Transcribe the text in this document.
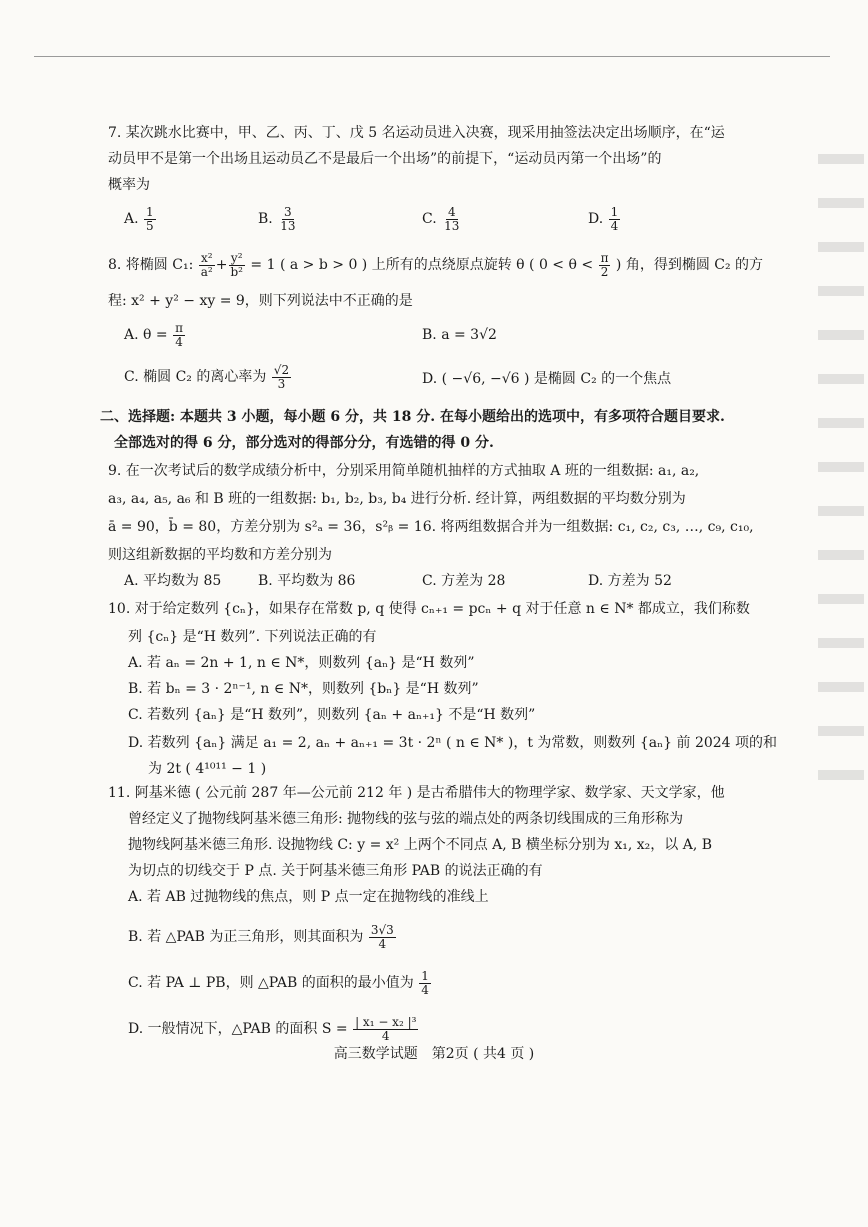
7. 某次跳水比赛中，甲、乙、丙、丁、戊 5 名运动员进入决赛，现采用抽签法决定出场顺序，在“运
动员甲不是第一个出场且运动员乙不是最后一个出场”的前提下，“运动员丙第一个出场”的
概率为
A. $\frac{1}{5}$	B. $\frac{3}{13}$	C. $\frac{4}{13}$	D. $\frac{1}{4}$
8. 将椭圆 C₁: $\frac{\text{x²}}{\text{a²}} + \frac{\text{y²}}{\text{b²}} = 1$ ( a > b > 0 ) 上所有的点绕原点旋转 θ ( $0 < \theta < \frac{\pi}{2}$ ) 角，得到椭圆 C₂ 的方
程: x² + y² − xy = 9，则下列说法中不正确的是
A. $\theta = \frac{\pi}{4}$	B. a = 3√2
C. 椭圆 C₂ 的离心率为 $\frac{√2}{3}$	D. ( −√6, −√6 ) 是椭圆 C₂ 的一个焦点
二、选择题: 本题共 3 小题，每小题 6 分，共 18 分. 在每小题给出的选项中，有多项符合题目要求.
全部选对的得 6 分，部分选对的得部分分，有选错的得 0 分.
9. 在一次考试后的数学成绩分析中，分别采用简单随机抽样的方式抽取 A 班的一组数据: a₁, a₂,
a₃, a₄, a₅, a₆ 和 B 班的一组数据: b₁, b₂, b₃, b₄ 进行分析. 经计算，两组数据的平均数分别为
ā = 90，b̄ = 80，方差分别为 s²ₐ = 36，s²ᵦ = 16. 将两组数据合并为一组数据: c₁, c₂, c₃, …, c₉, c₁₀,
则这组新数据的平均数和方差分别为
A. 平均数为 85	B. 平均数为 86	C. 方差为 28	D. 方差为 52
10. 对于给定数列 {cₙ}，如果存在常数 p, q 使得 cₙ₊₁ = pcₙ + q 对于任意 n ∈ N* 都成立，我们称数
列 {cₙ} 是“H 数列”. 下列说法正确的有
A. 若 aₙ = 2n + 1, n ∈ N*，则数列 {aₙ} 是“H 数列”
B. 若 bₙ = 3 · 2ⁿ⁻¹, n ∈ N*，则数列 {bₙ} 是“H 数列”
C. 若数列 {aₙ} 是“H 数列”，则数列 {aₙ + aₙ₊₁} 不是“H 数列”
D. 若数列 {aₙ} 满足 a₁ = 2, aₙ + aₙ₊₁ = 3t · 2ⁿ ( n ∈ N* )，t 为常数，则数列 {aₙ} 前 2024 项的和
为 2t ( 4¹⁰¹¹ − 1 )
11. 阿基米德 ( 公元前 287 年—公元前 212 年 ) 是古希腊伟大的物理学家、数学家、天文学家，他
曾经定义了抛物线阿基米德三角形: 抛物线的弦与弦的端点处的两条切线围成的三角形称为
抛物线阿基米德三角形. 设抛物线 C: y = x² 上两个不同点 A, B 横坐标分别为 x₁, x₂，以 A, B
为切点的切线交于 P 点. 关于阿基米德三角形 PAB 的说法正确的有
A. 若 AB 过抛物线的焦点，则 P 点一定在抛物线的准线上
B. 若 △PAB 为正三角形，则其面积为 $\frac{3√3}{4}$
C. 若 PA ⊥ PB，则 △PAB 的面积的最小值为 $\frac{1}{4}$
D. 一般情况下，△PAB 的面积 $S = \frac{\text{| x₁ − x₂ |³}}{4}$
高三数学试题　第2页 ( 共4 页 )
